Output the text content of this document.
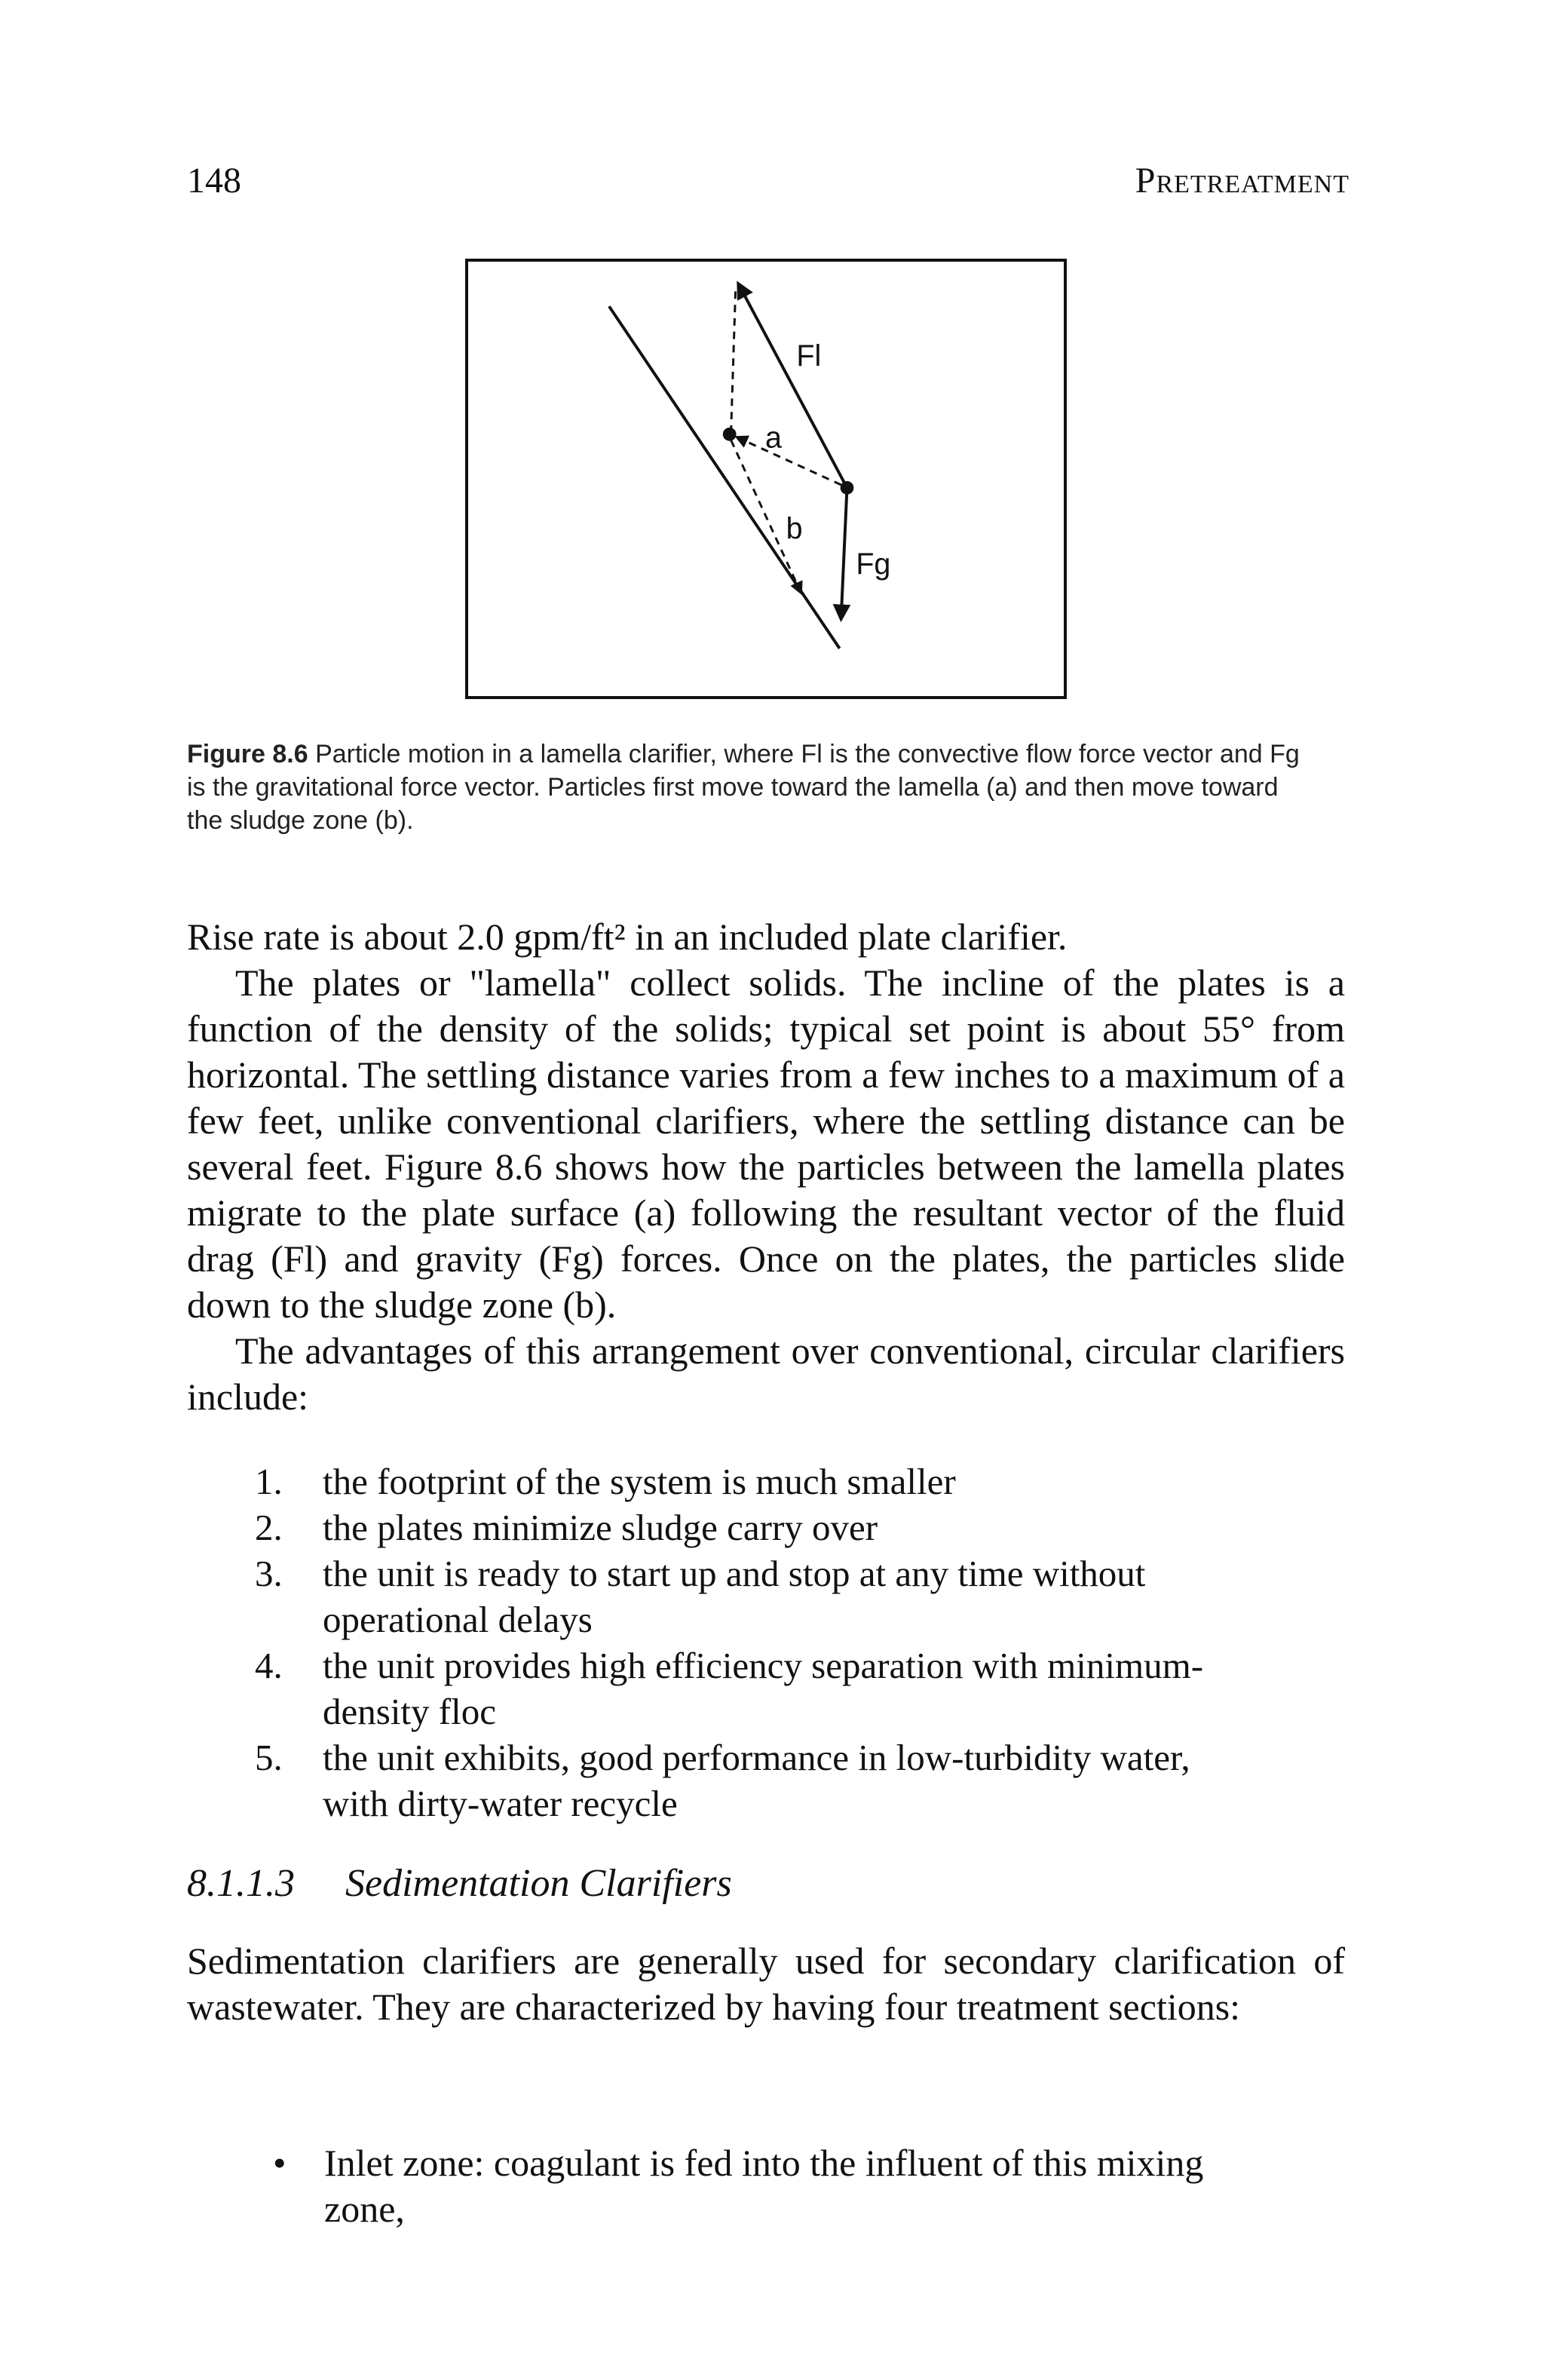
148	Pretreatment
Fl
a
b
Fg
Figure 8.6 Particle motion in a lamella clarifier, where Fl is the convective flow force vector and Fg is the gravitational force vector. Particles first move toward the lamella (a) and then move toward the sludge zone (b).

Rise rate is about 2.0 gpm/ft² in an included plate clarifier.

The plates or "lamella" collect solids. The incline of the plates is a function of the density of the solids; typical set point is about 55° from horizontal. The settling distance varies from a few inches to a maximum of a few feet, unlike conventional clarifiers, where the settling distance can be several feet. Figure 8.6 shows how the particles between the lamella plates migrate to the plate surface (a) following the resultant vector of the fluid drag (Fl) and gravity (Fg) forces. Once on the plates, the particles slide down to the sludge zone (b).

The advantages of this arrangement over conventional, circular clarifiers include:

1. the footprint of the system is much smaller
2. the plates minimize sludge carry over
3. the unit is ready to start up and stop at any time without operational delays
4. the unit provides high efficiency separation with minimum-density floc
5. the unit exhibits, good performance in low-turbidity water, with dirty-water recycle
8.1.1.3 Sedimentation Clarifiers

Sedimentation clarifiers are generally used for secondary clarification of wastewater. They are characterized by having four treatment sections:

• Inlet zone: coagulant is fed into the influent of this mixing zone,
